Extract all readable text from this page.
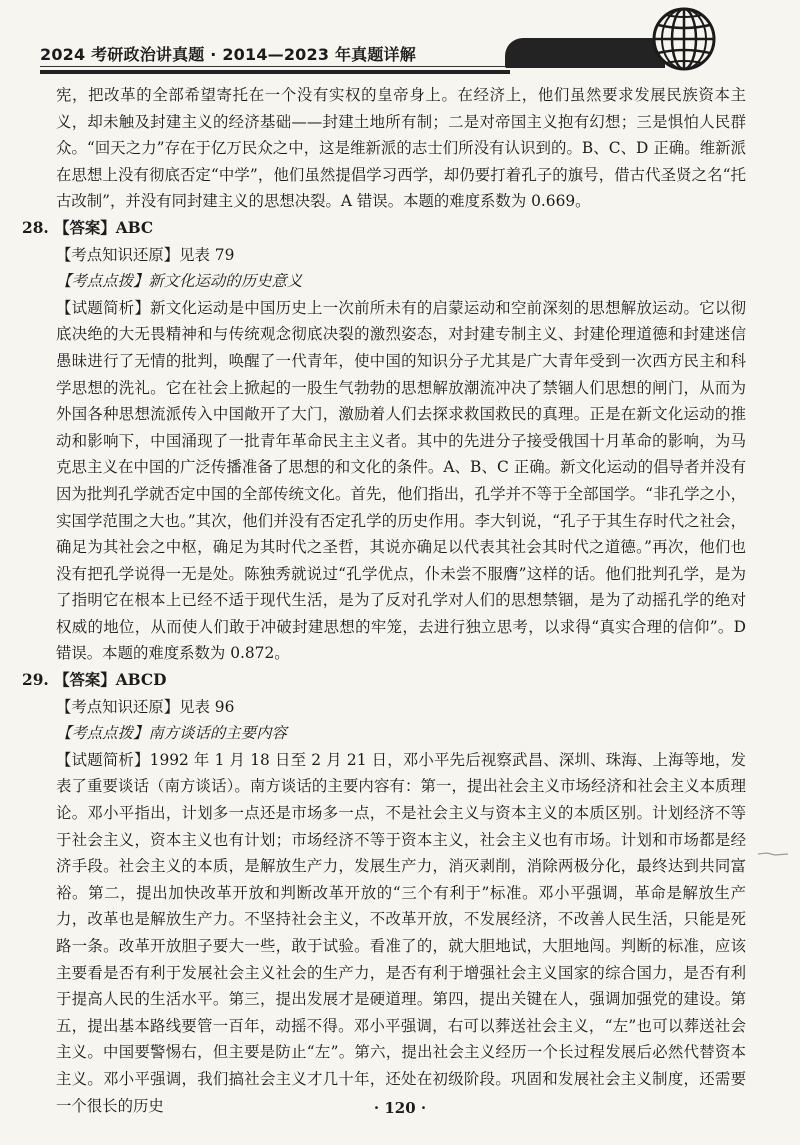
2024 考研政治讲真题 · 2014—2023 年真题详解

宪，把改革的全部希望寄托在一个没有实权的皇帝身上。在经济上，他们虽然要求发展民族资本主义，却未触及封建主义的经济基础——封建土地所有制；二是对帝国主义抱有幻想；三是惧怕人民群众。“回天之力”存在于亿万民众之中，这是维新派的志士们所没有认识到的。B、C、D 正确。维新派在思想上没有彻底否定“中学”，他们虽然提倡学习西学，却仍要打着孔子的旗号，借古代圣贤之名“托古改制”，并没有同封建主义的思想决裂。A 错误。本题的难度系数为 0.669。

28. 【答案】ABC

【考点知识还原】见表 79

【考点点拨】新文化运动的历史意义

【试题简析】新文化运动是中国历史上一次前所未有的启蒙运动和空前深刻的思想解放运动。它以彻底决绝的大无畏精神和与传统观念彻底决裂的激烈姿态，对封建专制主义、封建伦理道德和封建迷信愚昧进行了无情的批判，唤醒了一代青年，使中国的知识分子尤其是广大青年受到一次西方民主和科学思想的洗礼。它在社会上掀起的一股生气勃勃的思想解放潮流冲决了禁锢人们思想的闸门，从而为外国各种思想流派传入中国敞开了大门，激励着人们去探求救国救民的真理。正是在新文化运动的推动和影响下，中国涌现了一批青年革命民主主义者。其中的先进分子接受俄国十月革命的影响，为马克思主义在中国的广泛传播准备了思想的和文化的条件。A、B、C 正确。新文化运动的倡导者并没有因为批判孔学就否定中国的全部传统文化。首先，他们指出，孔学并不等于全部国学。“非孔学之小，实国学范围之大也。”其次，他们并没有否定孔学的历史作用。李大钊说，“孔子于其生存时代之社会，确足为其社会之中枢，确足为其时代之圣哲，其说亦确足以代表其社会其时代之道德。”再次，他们也没有把孔学说得一无是处。陈独秀就说过“孔学优点，仆未尝不服膺”这样的话。他们批判孔学，是为了指明它在根本上已经不适于现代生活，是为了反对孔学对人们的思想禁锢，是为了动摇孔学的绝对权威的地位，从而使人们敢于冲破封建思想的牢笼，去进行独立思考，以求得“真实合理的信仰”。D 错误。本题的难度系数为 0.872。

29. 【答案】ABCD

【考点知识还原】见表 96

【考点点拨】南方谈话的主要内容

【试题简析】1992 年 1 月 18 日至 2 月 21 日，邓小平先后视察武昌、深圳、珠海、上海等地，发表了重要谈话（南方谈话）。南方谈话的主要内容有：第一，提出社会主义市场经济和社会主义本质理论。邓小平指出，计划多一点还是市场多一点，不是社会主义与资本主义的本质区别。计划经济不等于社会主义，资本主义也有计划；市场经济不等于资本主义，社会主义也有市场。计划和市场都是经济手段。社会主义的本质，是解放生产力，发展生产力，消灭剥削，消除两极分化，最终达到共同富裕。第二，提出加快改革开放和判断改革开放的“三个有利于”标准。邓小平强调，革命是解放生产力，改革也是解放生产力。不坚持社会主义，不改革开放，不发展经济，不改善人民生活，只能是死路一条。改革开放胆子要大一些，敢于试验。看准了的，就大胆地试，大胆地闯。判断的标准，应该主要看是否有利于发展社会主义社会的生产力，是否有利于增强社会主义国家的综合国力，是否有利于提高人民的生活水平。第三，提出发展才是硬道理。第四，提出关键在人，强调加强党的建设。第五，提出基本路线要管一百年，动摇不得。邓小平强调，右可以葬送社会主义，“左”也可以葬送社会主义。中国要警惕右，但主要是防止“左”。第六，提出社会主义经历一个长过程发展后必然代替资本主义。邓小平强调，我们搞社会主义才几十年，还处在初级阶段。巩固和发展社会主义制度，还需要一个很长的历史	· 120 ·
